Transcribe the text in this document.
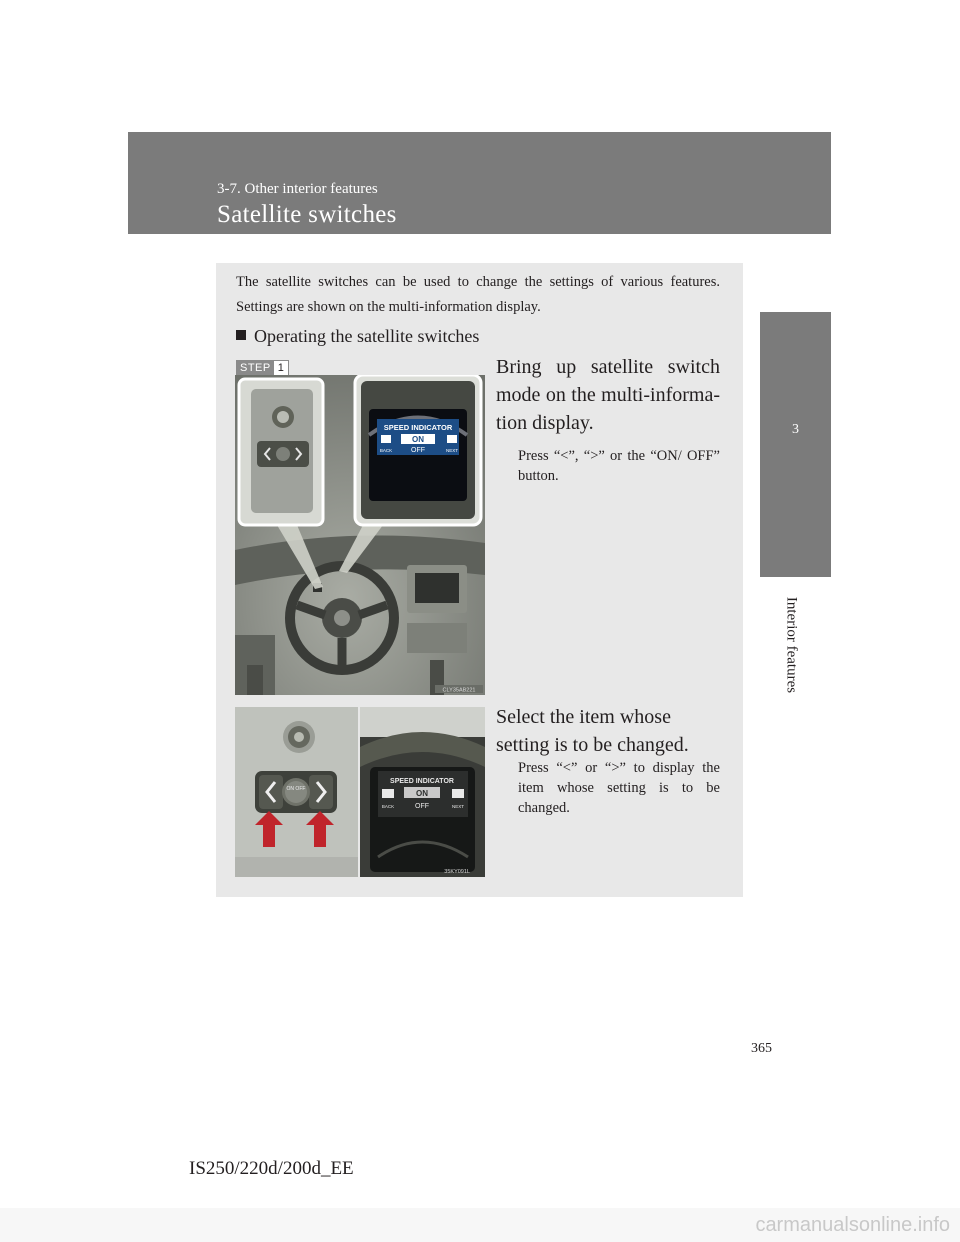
3-7. Other interior features
Satellite switches
3
Interior features
The satellite switches can be used to change the settings of various features. Settings are shown on the multi-information display.
Operating the satellite switches
STEP 1
SPEED INDICATOR
ON
OFF
BACK	NEXT
CLY35AB221
Bring up satellite switch mode on the multi-informa-tion display.
Press “<”, “>” or the “ON/ OFF” button.
ON OFF
SPEED INDICATOR
ON
OFF
BACK	NEXT
35KY091L
Select the item whose setting is to be changed.
Press “<” or “>” to display the item whose setting is to be changed.
365
IS250/220d/200d_EE
carmanualsonline.info
